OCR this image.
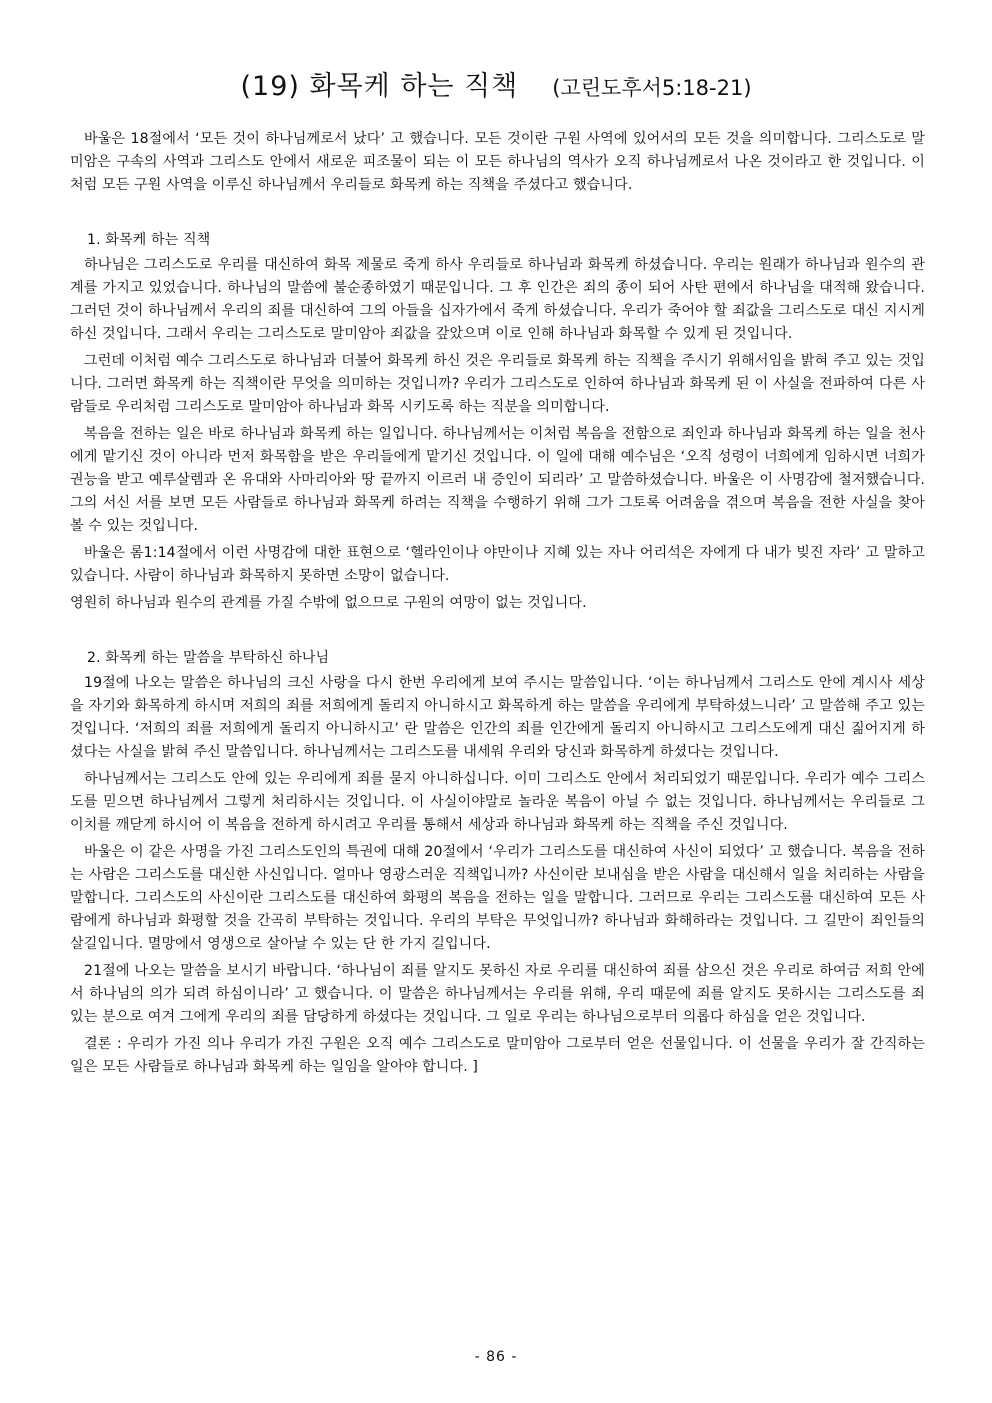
(19) 화목케 하는 직책 (고린도후서5:18-21)

바울은 18절에서 ‘모든 것이 하나님께로서 났다’ 고 했습니다. 모든 것이란 구원 사역에 있어서의 모든 것을 의미합니다. 그리스도로 말미암은 구속의 사역과 그리스도 안에서 새로운 피조물이 되는 이 모든 하나님의 역사가 오직 하나님께로서 나온 것이라고 한 것입니다. 이처럼 모든 구원 사역을 이루신 하나님께서 우리들로 화목케 하는 직책을 주셨다고 했습니다.

1. 화목케 하는 직책

하나님은 그리스도로 우리를 대신하여 화목 제물로 죽게 하사 우리들로 하나님과 화목케 하셨습니다. 우리는 원래가 하나님과 원수의 관계를 가지고 있었습니다. 하나님의 말씀에 불순종하였기 때문입니다. 그 후 인간은 죄의 종이 되어 사탄 편에서 하나님을 대적해 왔습니다. 그러던 것이 하나님께서 우리의 죄를 대신하여 그의 아들을 십자가에서 죽게 하셨습니다. 우리가 죽어야 할 죄값을 그리스도로 대신 지시게 하신 것입니다. 그래서 우리는 그리스도로 말미암아 죄값을 갚았으며 이로 인해 하나님과 화목할 수 있게 된 것입니다.

그런데 이처럼 예수 그리스도로 하나님과 더불어 화목케 하신 것은 우리들로 화목케 하는 직책을 주시기 위해서임을 밝혀 주고 있는 것입니다. 그러면 화목케 하는 직책이란 무엇을 의미하는 것입니까? 우리가 그리스도로 인하여 하나님과 화목케 된 이 사실을 전파하여 다른 사람들로 우리처럼 그리스도로 말미암아 하나님과 화목 시키도록 하는 직분을 의미합니다.

복음을 전하는 일은 바로 하나님과 화목케 하는 일입니다. 하나님께서는 이처럼 복음을 전함으로 죄인과 하나님과 화목케 하는 일을 천사에게 맡기신 것이 아니라 먼저 화목함을 받은 우리들에게 맡기신 것입니다. 이 일에 대해 예수님은 ‘오직 성령이 너희에게 임하시면 너희가 권능을 받고 예루살렘과 온 유대와 사마리아와 땅 끝까지 이르러 내 증인이 되리라’ 고 말씀하셨습니다. 바울은 이 사명감에 철저했습니다. 그의 서신 서를 보면 모든 사람들로 하나님과 화목케 하려는 직책을 수행하기 위해 그가 그토록 어려움을 겪으며 복음을 전한 사실을 찾아 볼 수 있는 것입니다.

바울은 롬1:14절에서 이런 사명감에 대한 표현으로 ‘헬라인이나 야만이나 지혜 있는 자나 어리석은 자에게 다 내가 빚진 자라’ 고 말하고 있습니다. 사람이 하나님과 화목하지 못하면 소망이 없습니다.

영원히 하나님과 원수의 관계를 가질 수밖에 없으므로 구원의 여망이 없는 것입니다.

2. 화목케 하는 말씀을 부탁하신 하나님

19절에 나오는 말씀은 하나님의 크신 사랑을 다시 한번 우리에게 보여 주시는 말씀입니다. ‘이는 하나님께서 그리스도 안에 계시사 세상을 자기와 화목하게 하시며 저희의 죄를 저희에게 돌리지 아니하시고 화목하게 하는 말씀을 우리에게 부탁하셨느니라’ 고 말씀해 주고 있는 것입니다. ‘저희의 죄를 저희에게 돌리지 아니하시고’ 란 말씀은 인간의 죄를 인간에게 돌리지 아니하시고 그리스도에게 대신 짊어지게 하셨다는 사실을 밝혀 주신 말씀입니다. 하나님께서는 그리스도를 내세워 우리와 당신과 화목하게 하셨다는 것입니다.

하나님께서는 그리스도 안에 있는 우리에게 죄를 묻지 아니하십니다. 이미 그리스도 안에서 처리되었기 때문입니다. 우리가 예수 그리스도를 믿으면 하나님께서 그렇게 처리하시는 것입니다. 이 사실이야말로 놀라운 복음이 아닐 수 없는 것입니다. 하나님께서는 우리들로 그 이치를 깨닫게 하시어 이 복음을 전하게 하시려고 우리를 통해서 세상과 하나님과 화목케 하는 직책을 주신 것입니다.

바울은 이 같은 사명을 가진 그리스도인의 특권에 대해 20절에서 ‘우리가 그리스도를 대신하여 사신이 되었다’ 고 했습니다. 복음을 전하는 사람은 그리스도를 대신한 사신입니다. 얼마나 영광스러운 직책입니까? 사신이란 보내심을 받은 사람을 대신해서 일을 처리하는 사람을 말합니다. 그리스도의 사신이란 그리스도를 대신하여 화평의 복음을 전하는 일을 말합니다. 그러므로 우리는 그리스도를 대신하여 모든 사람에게 하나님과 화평할 것을 간곡히 부탁하는 것입니다. 우리의 부탁은 무엇입니까? 하나님과 화해하라는 것입니다. 그 길만이 죄인들의 살길입니다. 멸망에서 영생으로 살아날 수 있는 단 한 가지 길입니다.

21절에 나오는 말씀을 보시기 바랍니다. ‘하나님이 죄를 알지도 못하신 자로 우리를 대신하여 죄를 삼으신 것은 우리로 하여금 저희 안에서 하나님의 의가 되려 하심이니라’ 고 했습니다. 이 말씀은 하나님께서는 우리를 위해, 우리 때문에 죄를 알지도 못하시는 그리스도를 죄 있는 분으로 여겨 그에게 우리의 죄를 담당하게 하셨다는 것입니다. 그 일로 우리는 하나님으로부터 의롭다 하심을 얻은 것입니다.

결론 : 우리가 가진 의나 우리가 가진 구원은 오직 예수 그리스도로 말미암아 그로부터 얻은 선물입니다. 이 선물을 우리가 잘 간직하는 일은 모든 사람들로 하나님과 화목케 하는 일임을 알아야 합니다. ]

- 86 -
